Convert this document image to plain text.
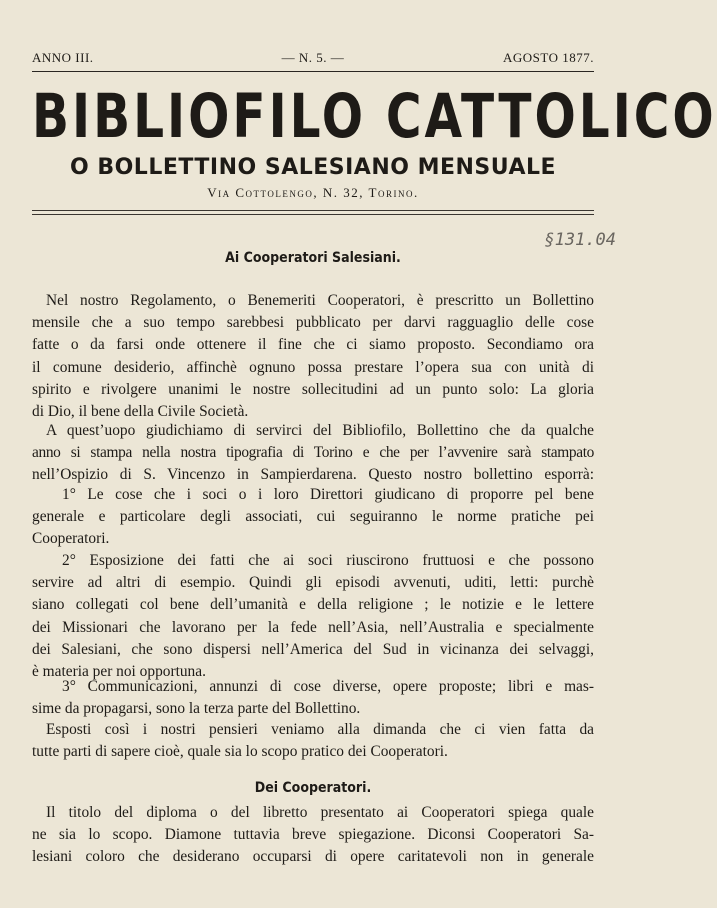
ANNO III.	— N. 5. —	AGOSTO 1877.
BIBLIOFILO CATTOLICO
O BOLLETTINO SALESIANO MENSUALE
Via Cottolengo, N. 32, Torino.
§131.04
Ai Cooperatori Salesiani.
Nel nostro Regolamento, o Benemeriti Cooperatori, è prescritto un Bollettino
mensile che a suo tempo sarebbesi pubblicato per darvi ragguaglio delle cose
fatte o da farsi onde ottenere il fine che ci siamo proposto. Secondiamo ora
il comune desiderio, affinchè ognuno possa prestare l’opera sua con unità di
spirito e rivolgere unanimi le nostre sollecitudini ad un punto solo: La gloria
di Dio, il bene della Civile Società.
A quest’uopo giudichiamo di servirci del Bibliofilo, Bollettino che da qualche
anno si stampa nella nostra tipografia di Torino e che per l’avvenire sarà stampato
nell’Ospizio di S. Vincenzo in Sampierdarena. Questo nostro bollettino esporrà:
1° Le cose che i soci o i loro Direttori giudicano di proporre pel bene
generale e particolare degli associati, cui seguiranno le norme pratiche pei
Cooperatori.
2° Esposizione dei fatti che ai soci riuscirono fruttuosi e che possono
servire ad altri di esempio. Quindi gli episodi avvenuti, uditi, letti: purchè
siano collegati col bene dell’umanità e della religione ; le notizie e le lettere
dei Missionari che lavorano per la fede nell’Asia, nell’Australia e specialmente
dei Salesiani, che sono dispersi nell’America del Sud in vicinanza dei selvaggi,
è materia per noi opportuna.
3° Communicazioni, annunzi di cose diverse, opere proposte; libri e mas-
sime da propagarsi, sono la terza parte del Bollettino.
Esposti così i nostri pensieri veniamo alla dimanda che ci vien fatta da
tutte parti di sapere cioè, quale sia lo scopo pratico dei Cooperatori.
Dei Cooperatori.
Il titolo del diploma o del libretto presentato ai Cooperatori spiega quale
ne sia lo scopo. Diamone tuttavia breve spiegazione. Diconsi Cooperatori Sa-
lesiani coloro che desiderano occuparsi di opere caritatevoli non in generale
